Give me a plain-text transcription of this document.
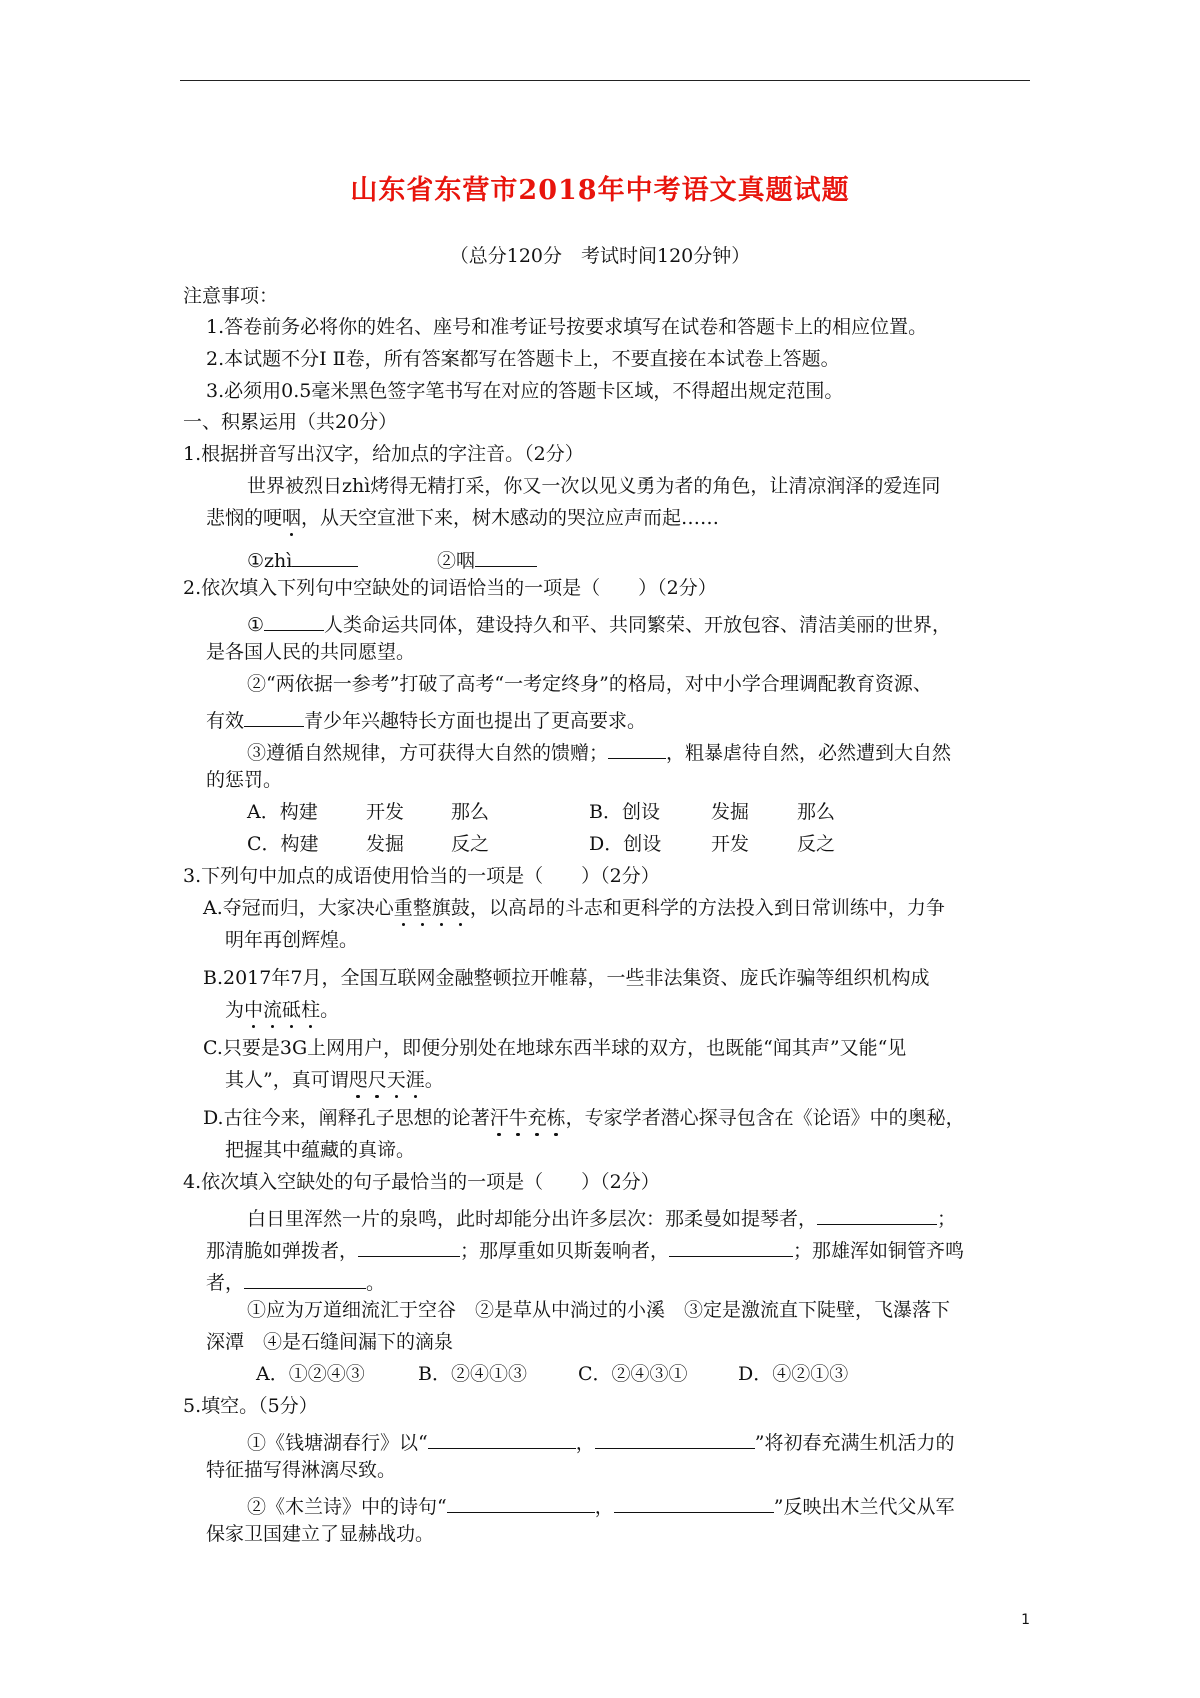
山东省东营市2018年中考语文真题试题
（总分120分　考试时间120分钟）
注意事项：
1.答卷前务必将你的姓名、座号和准考证号按要求填写在试卷和答题卡上的相应位置。
2.本试题不分Ⅰ Ⅱ卷，所有答案都写在答题卡上，不要直接在本试卷上答题。
3.必须用0.5毫米黑色签字笔书写在对应的答题卡区域，不得超出规定范围。
一、积累运用（共20分）
1.根据拼音写出汉字，给加点的字注音。（2分）
世界被烈日zhì烤得无精打采，你又一次以见义勇为者的角色，让清凉润泽的爱连同
悲悯的哽咽，从天空宣泄下来，树木感动的哭泣应声而起……
①zhì	②咽
2.依次填入下列句中空缺处的词语恰当的一项是（　　）（2分）
①	人类命运共同体，建设持久和平、共同繁荣、开放包容、清洁美丽的世界，
是各国人民的共同愿望。
②“两依据一参考”打破了高考“一考定终身”的格局，对中小学合理调配教育资源、
有效	青少年兴趣特长方面也提出了更高要求。
③遵循自然规律，方可获得大自然的馈赠；	，粗暴虐待自然，必然遭到大自然
的惩罚。
A．构建	开发 那么	B．创设	发掘	那么
C．构建 发掘 反之	D．创设	开发	反之
3.下列句中加点的成语使用恰当的一项是（　　）（2分）
A.夺冠而归，大家决心重整旗鼓，以高昂的斗志和更科学的方法投入到日常训练中，力争
明年再创辉煌。
B.2017年7月，全国互联网金融整顿拉开帷幕，一些非法集资、庞氏诈骗等组织机构成
为中流砥柱。
C.只要是3G上网用户，即便分别处在地球东西半球的双方，也既能“闻其声”又能“见
其人”，真可谓咫尺天涯。
D.古往今来，阐释孔子思想的论著汗牛充栋，专家学者潜心探寻包含在《论语》中的奥秘，
把握其中蕴藏的真谛。
4.依次填入空缺处的句子最恰当的一项是（　　）（2分）
白日里浑然一片的泉鸣，此时却能分出许多层次：那柔曼如提琴者，	；
那清脆如弹拨者，	；那厚重如贝斯轰响者，	；那雄浑如铜管齐鸣
者，	。
①应为万道细流汇于空谷　②是草从中淌过的小溪　③定是激流直下陡壁，飞瀑落下
深潭　④是石缝间漏下的滴泉
A．①②④③	B．②④①③	C．②④③①	D．④②①③
5.填空。（5分）
①《钱塘湖春行》以“	，	”将初春充满生机活力的
特征描写得淋漓尽致。
②《木兰诗》中的诗句“	，	”反映出木兰代父从军
保家卫国建立了显赫战功。
1
